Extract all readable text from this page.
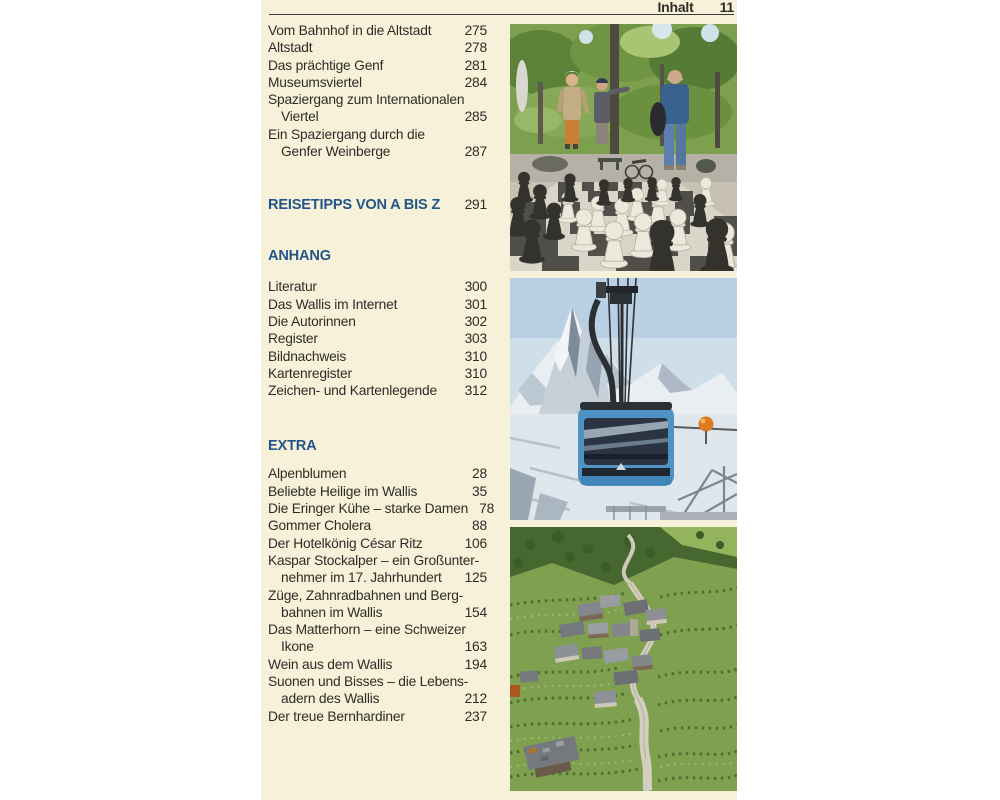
Inhalt 11
Vom Bahnhof in die Altstadt 275
Altstadt	278
Das prächtige Genf	281
Museumsviertel	284
Spaziergang zum Internationalen
Viertel	285
Ein Spaziergang durch die
Genfer Weinberge	287
REISETIPPS VON A BIS Z 291
ANHANG
Literatur	300
Das Wallis im Internet	301
Die Autorinnen	302
Register	303
Bildnachweis	310
Kartenregister	310
Zeichen- und Kartenlegende 312
EXTRA
Alpenblumen	28
Beliebte Heilige im Wallis	35
Die Eringer Kühe – starke Damen 78
Gommer Cholera	88
Der Hotelkönig César Ritz	106
Kaspar Stockalper – ein Großunter-
nehmer im 17. Jahrhundert 125
Züge, Zahnradbahnen und Berg-
bahnen im Wallis	154
Das Matterhorn – eine Schweizer
Ikone	163
Wein aus dem Wallis	194
Suonen und Bisses – die Lebens-
adern des Wallis	212
Der treue Bernhardiner	237
